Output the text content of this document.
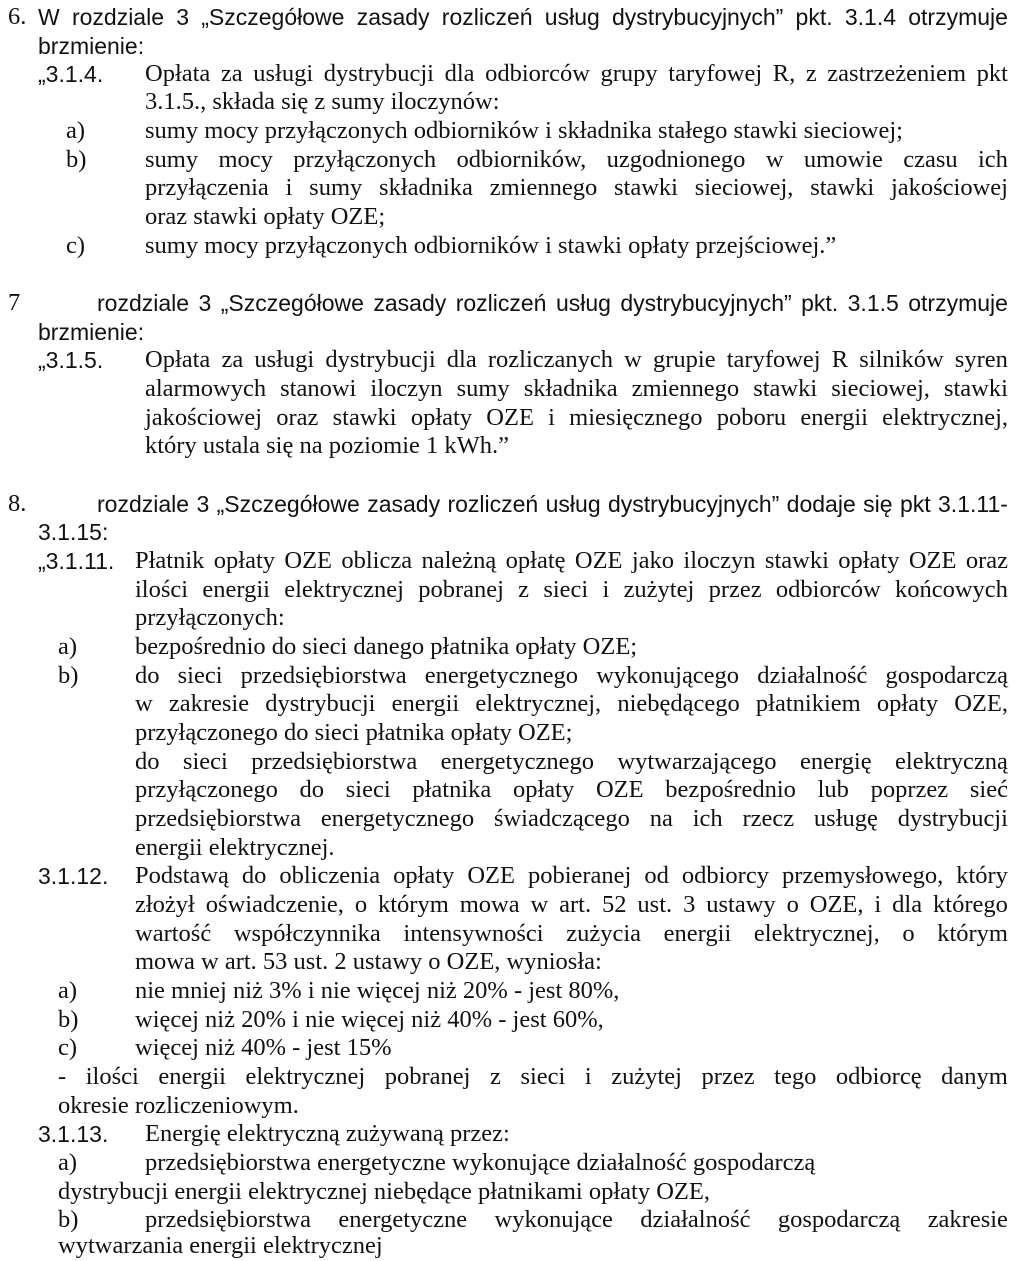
6. W rozdziale 3 „Szczegółowe zasady rozliczeń usług dystrybucyjnych” pkt. 3.1.4 otrzymuje
brzmienie:
„3.1.4. Opłata za usługi dystrybucji dla odbiorców grupy taryfowej R, z zastrzeżeniem pkt
3.1.5., składa się z sumy iloczynów:
a) sumy mocy przyłączonych odbiorników i składnika stałego stawki sieciowej;
b) sumy mocy przyłączonych odbiorników, uzgodnionego w umowie czasu ich
przyłączenia i sumy składnika zmiennego stawki sieciowej, stawki jakościowej
oraz stawki opłaty OZE;
c) sumy mocy przyłączonych odbiorników i stawki opłaty przejściowej.”
7	rozdziale 3 „Szczegółowe zasady rozliczeń usług dystrybucyjnych” pkt. 3.1.5 otrzymuje
brzmienie:
„3.1.5. Opłata za usługi dystrybucji dla rozliczanych w grupie taryfowej R silników syren
alarmowych stanowi iloczyn sumy składnika zmiennego stawki sieciowej, stawki
jakościowej oraz stawki opłaty OZE i miesięcznego poboru energii elektrycznej,
który ustala się na poziomie 1 kWh.”
8.	rozdziale 3 „Szczegółowe zasady rozliczeń usług dystrybucyjnych” dodaje się pkt 3.1.11-
3.1.15:
„3.1.11. Płatnik opłaty OZE oblicza należną opłatę OZE jako iloczyn stawki opłaty OZE oraz
ilości energii elektrycznej pobranej z sieci i zużytej przez odbiorców końcowych
przyłączonych:
a) bezpośrednio do sieci danego płatnika opłaty OZE;
b) do sieci przedsiębiorstwa energetycznego wykonującego działalność gospodarczą
w zakresie dystrybucji energii elektrycznej, niebędącego płatnikiem opłaty OZE,
przyłączonego do sieci płatnika opłaty OZE;
do sieci przedsiębiorstwa energetycznego wytwarzającego energię elektryczną
przyłączonego do sieci płatnika opłaty OZE bezpośrednio lub poprzez sieć
przedsiębiorstwa energetycznego świadczącego na ich rzecz usługę dystrybucji
energii elektrycznej.
3.1.12. Podstawą do obliczenia opłaty OZE pobieranej od odbiorcy przemysłowego, który
złożył oświadczenie, o którym mowa w art. 52 ust. 3 ustawy o OZE, i dla którego
wartość współczynnika intensywności zużycia energii elektrycznej, o którym
mowa w art. 53 ust. 2 ustawy o OZE, wyniosła:
a) nie mniej niż 3% i nie więcej niż 20% - jest 80%,
b) więcej niż 20% i nie więcej niż 40% - jest 60%,
c) więcej niż 40% - jest 15%
- ilości energii elektrycznej pobranej z sieci i zużytej przez tego odbiorcę danym
okresie rozliczeniowym.
3.1.13. Energię elektryczną zużywaną przez:
a)	przedsiębiorstwa energetyczne wykonujące działalność gospodarczą
dystrybucji energii elektrycznej niebędące płatnikami opłaty OZE,
b)	przedsiębiorstwa energetyczne wykonujące działalność gospodarczą zakresie
wytwarzania energii elektrycznej
